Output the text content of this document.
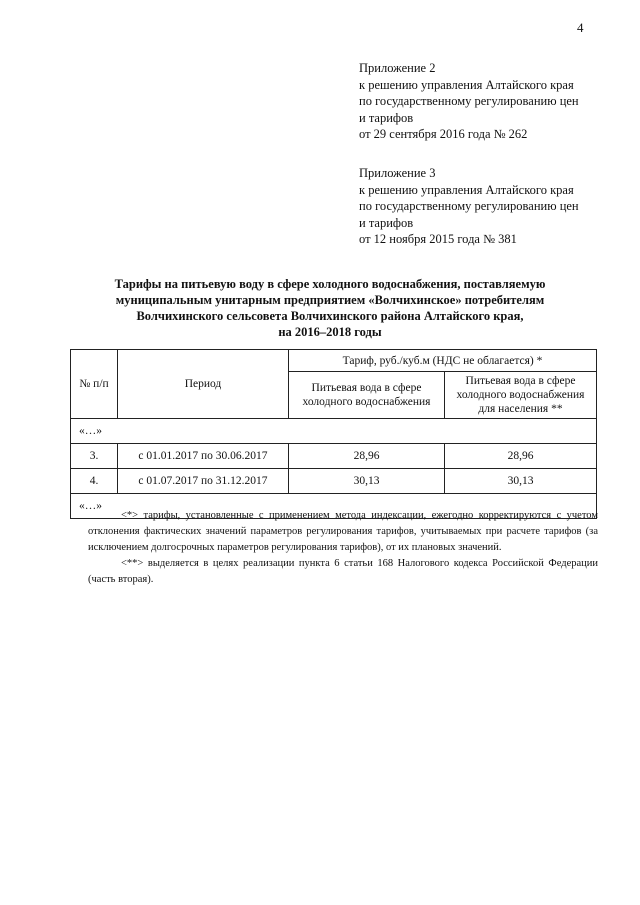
4
Приложение 2
к решению управления Алтайского края
по государственному регулированию цен
и тарифов
от 29 сентября 2016 года № 262
Приложение 3
к решению управления Алтайского края
по государственному регулированию цен
и тарифов
от 12 ноября 2015 года № 381
Тарифы на питьевую воду в сфере холодного водоснабжения, поставляемую
муниципальным унитарным предприятием «Волчихинское» потребителям
Волчихинского сельсовета Волчихинского района Алтайского края,
на 2016–2018 годы
№ п/п	Период	Тариф, руб./куб.м (НДС не облагается) *	
		Питьевая вода в сфере холодного водоснабжения	Питьевая вода в сфере холодного водоснабжения для населения **
«…»			
3.	с 01.01.2017 по 30.06.2017	28,96	28,96
4.	с 01.07.2017 по 31.12.2017	30,13	30,13
«…»			

<*> тарифы, установленные с применением метода индексации, ежегодно корректируются с учетом отклонения фактических значений параметров регулирования тарифов, учитываемых при расчете тарифов (за исключением долгосрочных параметров регулирования тарифов), от их плановых значений.

<**> выделяется в целях реализации пункта 6 статьи 168 Налогового кодекса Российской Федерации (часть вторая).
